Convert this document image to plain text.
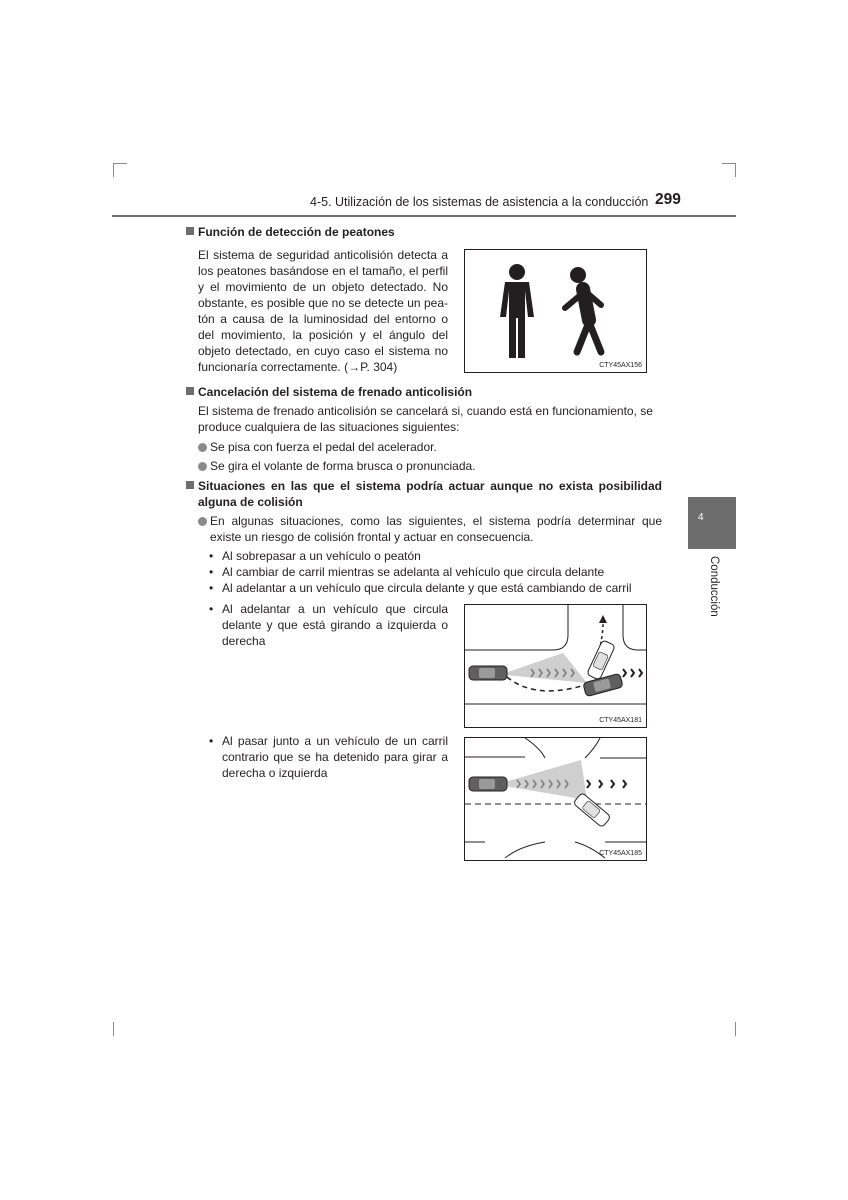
4-5. Utilización de los sistemas de asistencia a la conducción 299
4
Conducción
Función de detección de peatones
El sistema de seguridad anticolisión detecta a
los peatones basándose en el tamaño, el perfil
y el movimiento de un objeto detectado. No
obstante, es posible que no se detecte un pea-
tón a causa de la luminosidad del entorno o
del movimiento, la posición y el ángulo del
objeto detectado, en cuyo caso el sistema no
funcionaría correctamente. (→P. 304)	CTY45AX156
Cancelación del sistema de frenado anticolisión
El sistema de frenado anticolisión se cancelará si, cuando está en funcionamiento, se
produce cualquiera de las situaciones siguientes:
Se pisa con fuerza el pedal del acelerador.
Se gira el volante de forma brusca o pronunciada.
Situaciones en las que el sistema podría actuar aunque no exista posibilidad
alguna de colisión
En algunas situaciones, como las siguientes, el sistema podría determinar que
existe un riesgo de colisión frontal y actuar en consecuencia.
• Al sobrepasar a un vehículo o peatón
• Al cambiar de carril mientras se adelanta al vehículo que circula delante
• Al adelantar a un vehículo que circula delante y que está cambiando de carril
• Al adelantar a un vehículo que circula
delante y que está girando a izquierda o
derecha
CTY45AX181
• Al pasar junto a un vehículo de un carril
contrario que se ha detenido para girar a
derecha o izquierda
CTY45AX185
